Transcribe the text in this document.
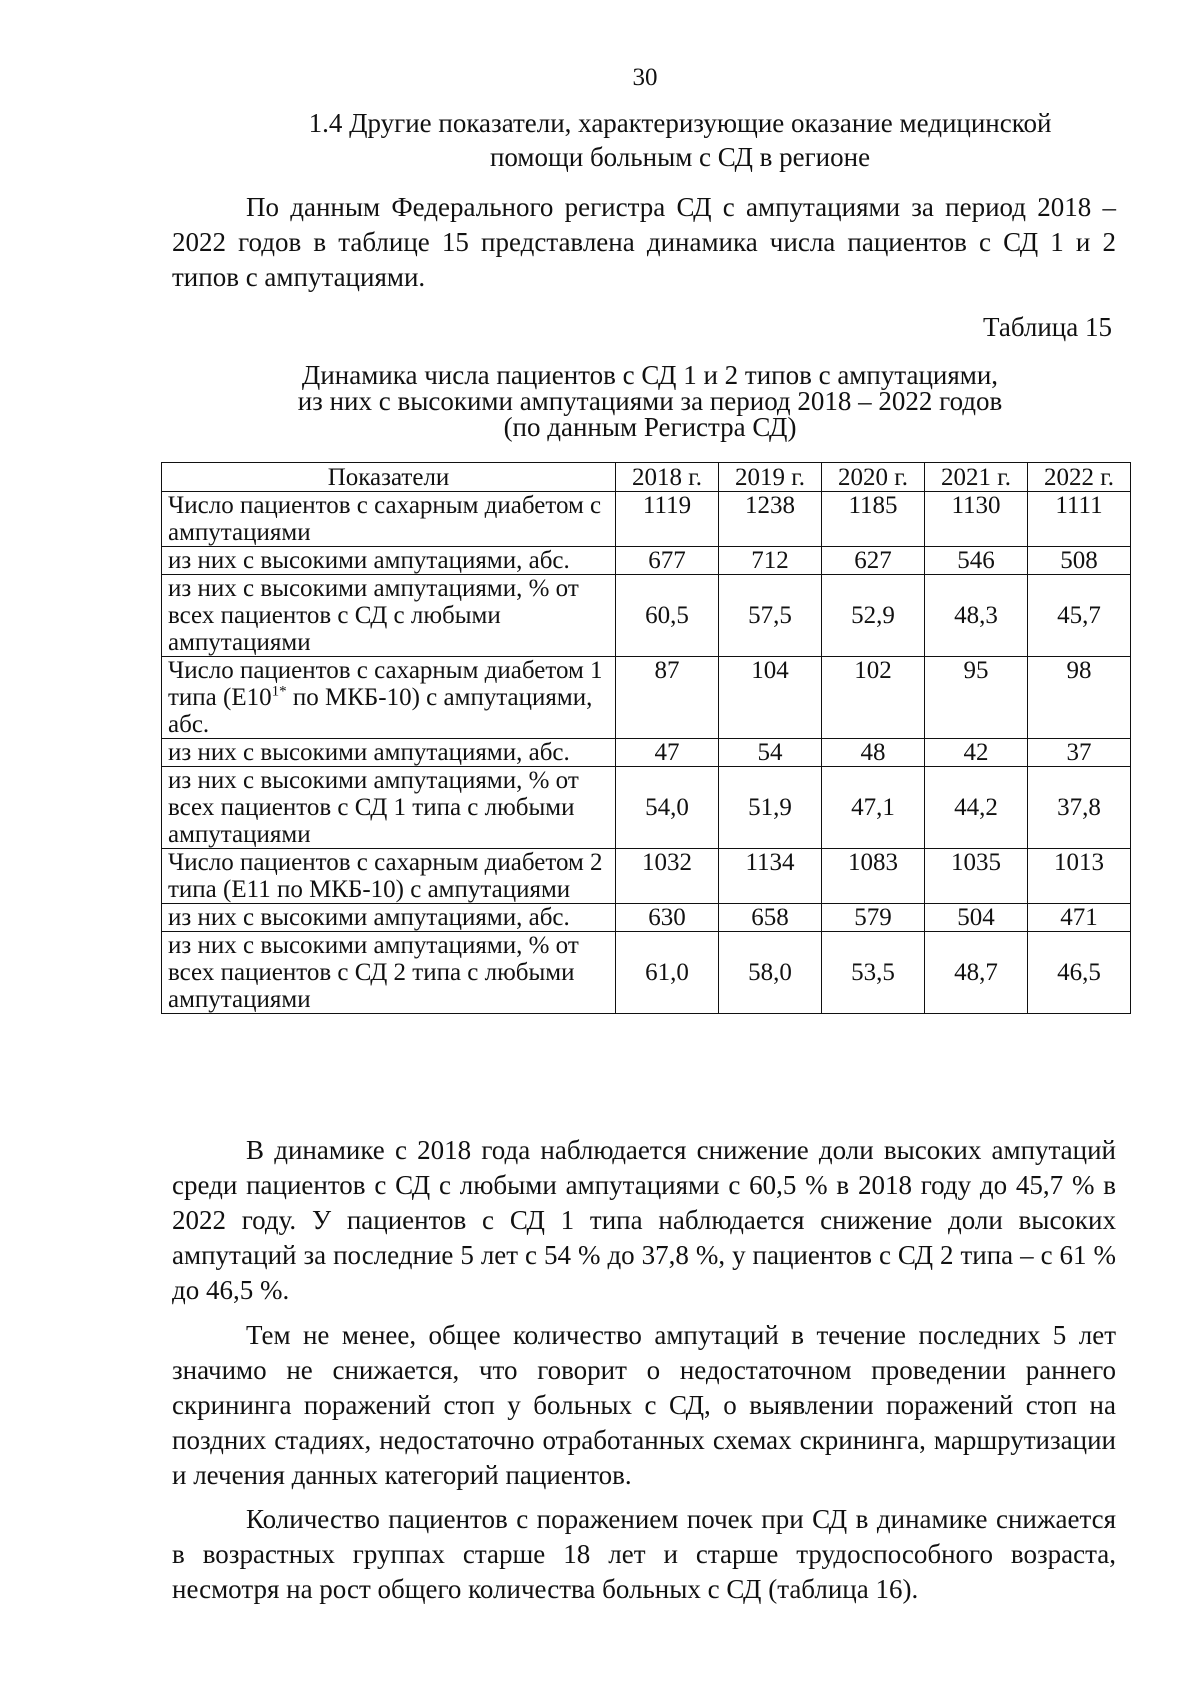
30
1.4 Другие показатели, характеризующие оказание медицинской
помощи больным с СД в регионе

По данным Федерального регистра СД с ампутациями за период 2018 – 2022 годов в таблице 15 представлена динамика числа пациентов с СД 1 и 2 типов с ампутациями.

Таблица 15
Динамика числа пациентов с СД 1 и 2 типов с ампутациями,
из них с высокими ампутациями за период 2018 – 2022 годов
(по данным Регистра СД)
Показатели	2018 г.	2019 г.	2020 г.	2021 г.	2022 г.
Число пациентов с сахарным диабетом с ампутациями	1119	1238	1185	1130	1111
из них с высокими ампутациями, абс.	677	712	627	546	508
из них с высокими ампутациями, % от всех пациентов с СД с любыми ампутациями	60,5	57,5	52,9	48,3	45,7
Число пациентов с сахарным диабетом 1 типа ($Е10^{1*}$ по МКБ-10) с ампутациями, абс.	87	104	102	95	98
из них с высокими ампутациями, абс.	47	54	48	42	37
из них с высокими ампутациями, % от всех пациентов с СД 1 типа с любыми ампутациями	54,0	51,9	47,1	44,2	37,8
Число пациентов с сахарным диабетом 2 типа (Е11 по МКБ-10) с ампутациями	1032	1134	1083	1035	1013
из них с высокими ампутациями, абс.	630	658	579	504	471
из них с высокими ампутациями, % от всех пациентов с СД 2 типа с любыми ампутациями	61,0	58,0	53,5	48,7	46,5

В динамике с 2018 года наблюдается снижение доли высоких ампутаций среди пациентов с СД с любыми ампутациями с 60,5 % в 2018 году до 45,7 % в 2022 году. У пациентов с СД 1 типа наблюдается снижение доли высоких ампутаций за последние 5 лет с 54 % до 37,8 %, у пациентов с СД 2 типа – с 61 % до 46,5 %.

Тем не менее, общее количество ампутаций в течение последних 5 лет значимо не снижается, что говорит о недостаточном проведении раннего скрининга поражений стоп у больных с СД, о выявлении поражений стоп на поздних стадиях, недостаточно отработанных схемах скрининга, маршрутизации и лечения данных категорий пациентов.

Количество пациентов с поражением почек при СД в динамике снижается в возрастных группах старше 18 лет и старше трудоспособного возраста, несмотря на рост общего количества больных с СД (таблица 16).
